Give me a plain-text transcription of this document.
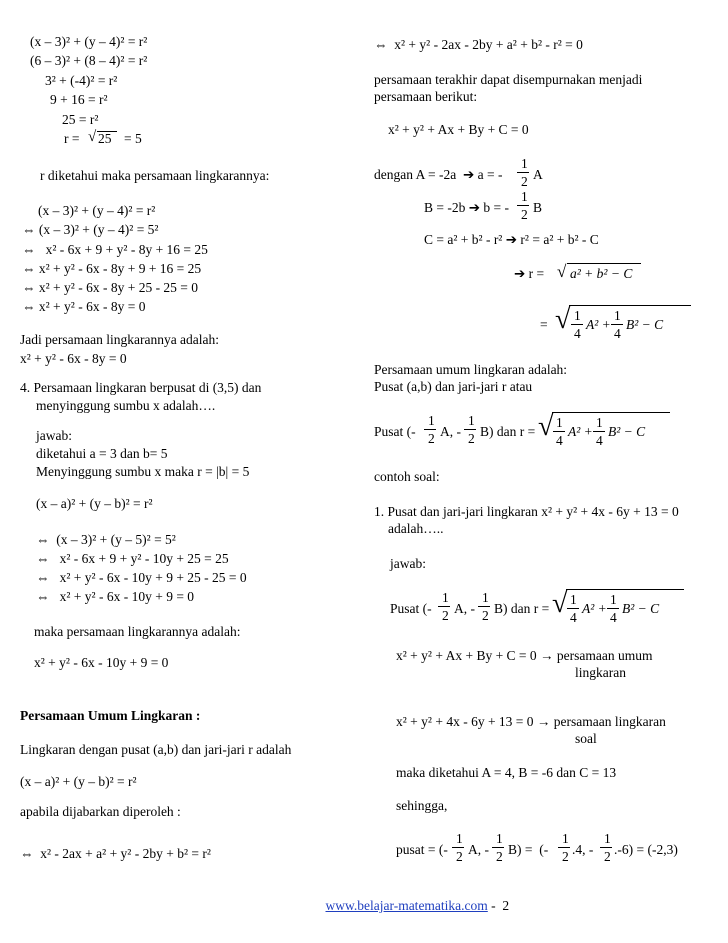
(x – 3)² + (y – 4)² = r²
(6 – 3)² + (8 – 4)² = r²
3² + (-4)² = r²
9 + 16 = r²
25 = r²
r = √ 25 = 5
r diketahui maka persamaan lingkarannya:
(x – 3)² + (y – 4)² = r²
⇔ (x – 3)² + (y – 4)² = 5²
⇔   x² - 6x + 9 + y² - 8y + 16 = 25
⇔ x² + y² - 6x - 8y + 9 + 16 = 25
⇔ x² + y² - 6x - 8y + 25 - 25 = 0
⇔ x² + y² - 6x - 8y = 0
Jadi persamaan lingkarannya adalah:
x² + y² - 6x - 8y = 0
4. Persamaan lingkaran berpusat di (3,5) dan
menyinggung sumbu x adalah….
jawab:
diketahui a = 3 dan b= 5
Menyinggung sumbu x maka r = |b| = 5
(x – a)² + (y – b)² = r²
⇔  (x – 3)² + (y – 5)² = 5²
⇔   x² - 6x + 9 + y² - 10y + 25 = 25
⇔   x² + y² - 6x - 10y + 9 + 25 - 25 = 0
⇔   x² + y² - 6x - 10y + 9 = 0
maka persamaan lingkarannya adalah:
x² + y² - 6x - 10y + 9 = 0
Persamaan Umum Lingkaran :
Lingkaran dengan pusat (a,b) dan jari-jari r adalah
(x – a)² + (y – b)² = r²
apabila dijabarkan diperoleh :
⇔  x² - 2ax + a² + y² - 2by + b² = r²
⇔  x² + y² - 2ax - 2by + a² + b² - r² = 0
persamaan terakhir dapat disempurnakan menjadi
persamaan berikut:
x² + y² + Ax + By + C = 0
dengan A = -2a  ➔ a = -
1
2 A
B = -2b ➔ b = -
1
2 B
C = a² + b² - r² ➔ r² = a² + b² - C
➔ r = √ a² + b² − C
= √ 1
4
A² +
1
4
B² − C
Persamaan umum lingkaran adalah:
Pusat (a,b) dan jari-jari r atau
Pusat (-
1
2 A, -
1
2 B) dan r = √ 1
4
A² +
1
4
B² − C
contoh soal:
1. Pusat dan jari-jari lingkaran x² + y² + 4x - 6y + 13 = 0
adalah…..
jawab:
Pusat (-
1
2 A, -
1
2 B) dan r = √ 1
4
A² +
1
4
B² − C
x² + y² + Ax + By + C = 0 → persamaan umum
lingkaran
x² + y² + 4x - 6y + 13 = 0 → persamaan lingkaran
soal
maka diketahui A = 4, B = -6 dan C = 13
sehingga,
pusat = (-
1
2 A, -
1
2 B) =  (-
1
2 .4, -
1
2 .-6) = (-2,3)

www.belajar-matematika.com -  2
